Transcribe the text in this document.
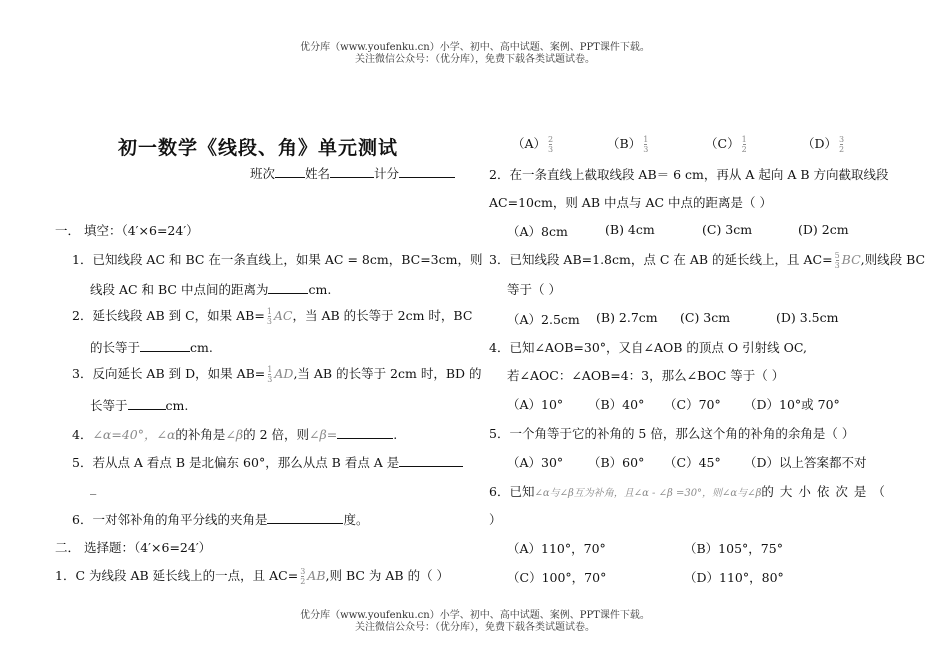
优分库（www.youfenku.cn）小学、初中、高中试题、案例、PPT课件下载。
关注微信公众号：（优分库），免费下载各类试题试卷。
初一数学《线段、角》单元测试
班次 姓名	计分
一． 填空：（4′×6=24′）
1．已知线段 AC 和 BC 在一条直线上，如果 AC = 8cm，BC=3cm，则
线段 AC 和 BC 中点间的距离为	cm.
2．延长线段 AB 到 C，如果 $AB= \frac{1}{3}$ AC，当 AB 的长等于 2cm 时，BC
的长等于	cm.
3．反向延长 AB 到 D，如果 $AB= \frac{1}{3}$ AD,当 AB 的长等于 2cm 时，BD 的
长等于	cm.
4．∠α=40°，∠α的补角是∠β的 2 倍，则∠β=	.
5．若从点 A 看点 B 是北偏东 60°，那么从点 B 看点 A 是
_
6．一对邻补角的角平分线的夹角是	度。
二． 选择题：（4′×6=24′）
1．C 为线段 AB 延长线上的一点，且 $AC= \frac{3}{2}$ AB,则 BC 为 AB 的（ ）
$(A) \frac{2}{3}$	$(B) \frac{1}{3}$	$(C) \frac{1}{2}$	$(D) \frac{3}{2}$
2．在一条直线上截取线段 AB＝ 6 cm，再从 A 起向 A B 方向截取线段
AC=10cm，则 AB 中点与 AC 中点的距离是（ ）
（A）8cm	(B) 4cm	(C) 3cm	(D) 2cm
3．已知线段 AB=1.8cm，点 C 在 AB 的延长线上，且 $AC= \frac{5}{3}$ BC,则线段 BC
等于（ ）
（A）2.5cm (B) 2.7cm (C) 3cm	(D) 3.5cm
4．已知∠AOB=30°，又自∠AOB 的顶点 O 引射线 OC,
若∠AOC：∠AOB=4：3，那么∠BOC 等于（ ）
（A）10° （B）40° （C）70° （D）10°或 70°
5．一个角等于它的补角的 5 倍，那么这个角的补角的余角是（ ）
（A）30° （B）60° （C）45° （D）以上答案都不对
6．已知∠α与∠β互为补角，且∠α - ∠β =30°，则∠α与∠β的大小依次是（
）
（A）110°，70°	（B）105°，75°
（C）100°，70°	（D）110°，80°
优分库（www.youfenku.cn）小学、初中、高中试题、案例、PPT课件下载。
关注微信公众号：（优分库），免费下载各类试题试卷。
